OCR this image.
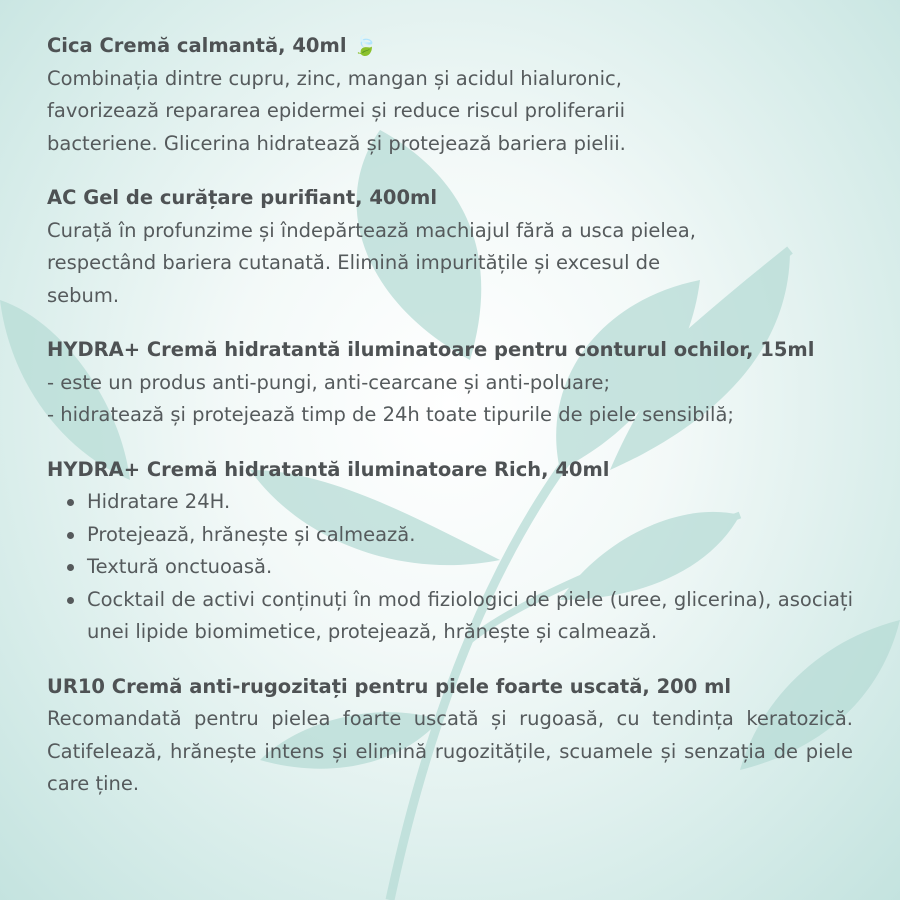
Cica Cremă calmantă, 40ml 🍃

Combinația dintre cupru, zinc, mangan și acidul hialuronic,

favorizează repararea epidermei și reduce riscul proliferarii

bacteriene. Glicerina hidratează și protejează bariera pielii.

AC Gel de curățare purifiant, 400ml

Curață în profunzime și îndepărtează machiajul fără a usca pielea,

respectând bariera cutanată. Elimină impuritățile și excesul de

sebum.

HYDRA+ Cremă hidratantă iluminatoare pentru conturul ochilor, 15ml

- este un produs anti-pungi, anti-cearcane și anti-poluare;

- hidratează și protejează timp de 24h toate tipurile de piele sensibilă;

HYDRA+ Cremă hidratantă iluminatoare Rich, 40ml

Hidratare 24H.
Protejează, hrănește și calmează.
Textură onctuoasă.
Cocktail de activi conținuți în mod fiziologici de piele (uree, glicerina), asociați unei lipide biomimetice, protejează, hrănește și calmează.

UR10 Cremă anti-rugozitați pentru piele foarte uscată, 200 ml

Recomandată pentru pielea foarte uscată și rugoasă, cu tendința keratozică. Catifelează, hrănește intens și elimină rugozitățile, scuamele și senzația de piele care ține.
